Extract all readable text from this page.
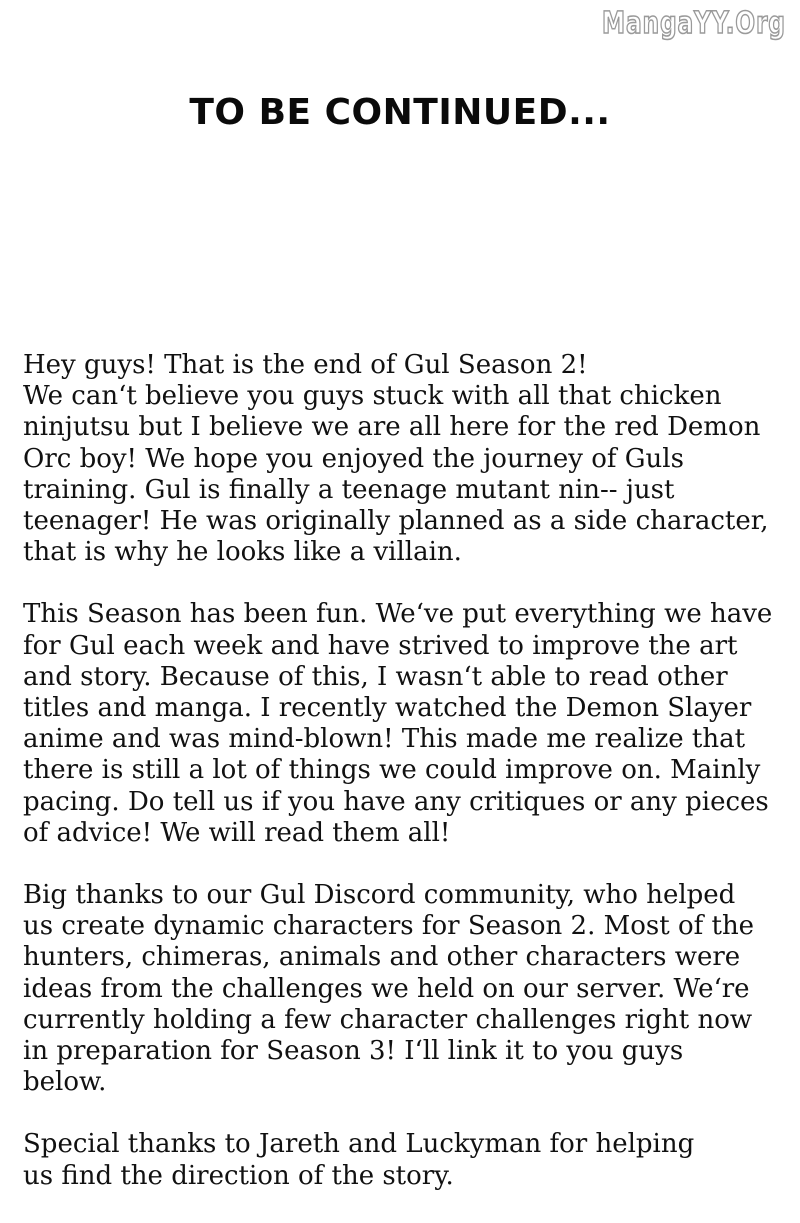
MangaYY.Org
TO BE CONTINUED...

Hey guys! That is the end of Gul Season 2!
We canʻt believe you guys stuck with all that chicken
ninjutsu but I believe we are all here for the red Demon
Orc boy! We hope you enjoyed the journey of Guls
training. Gul is finally a teenage mutant nin-- just
teenager! He was originally planned as a side character,
that is why he looks like a villain.

This Season has been fun. Weʻve put everything we have
for Gul each week and have strived to improve the art
and story. Because of this, I wasnʻt able to read other
titles and manga. I recently watched the Demon Slayer
anime and was mind-blown! This made me realize that
there is still a lot of things we could improve on. Mainly
pacing. Do tell us if you have any critiques or any pieces
of advice! We will read them all!

Big thanks to our Gul Discord community, who helped
us create dynamic characters for Season 2. Most of the
hunters, chimeras, animals and other characters were
ideas from the challenges we held on our server. Weʻre
currently holding a few character challenges right now
in preparation for Season 3! Iʻll link it to you guys
below.

Special thanks to Jareth and Luckyman for helping
us find the direction of the story.
